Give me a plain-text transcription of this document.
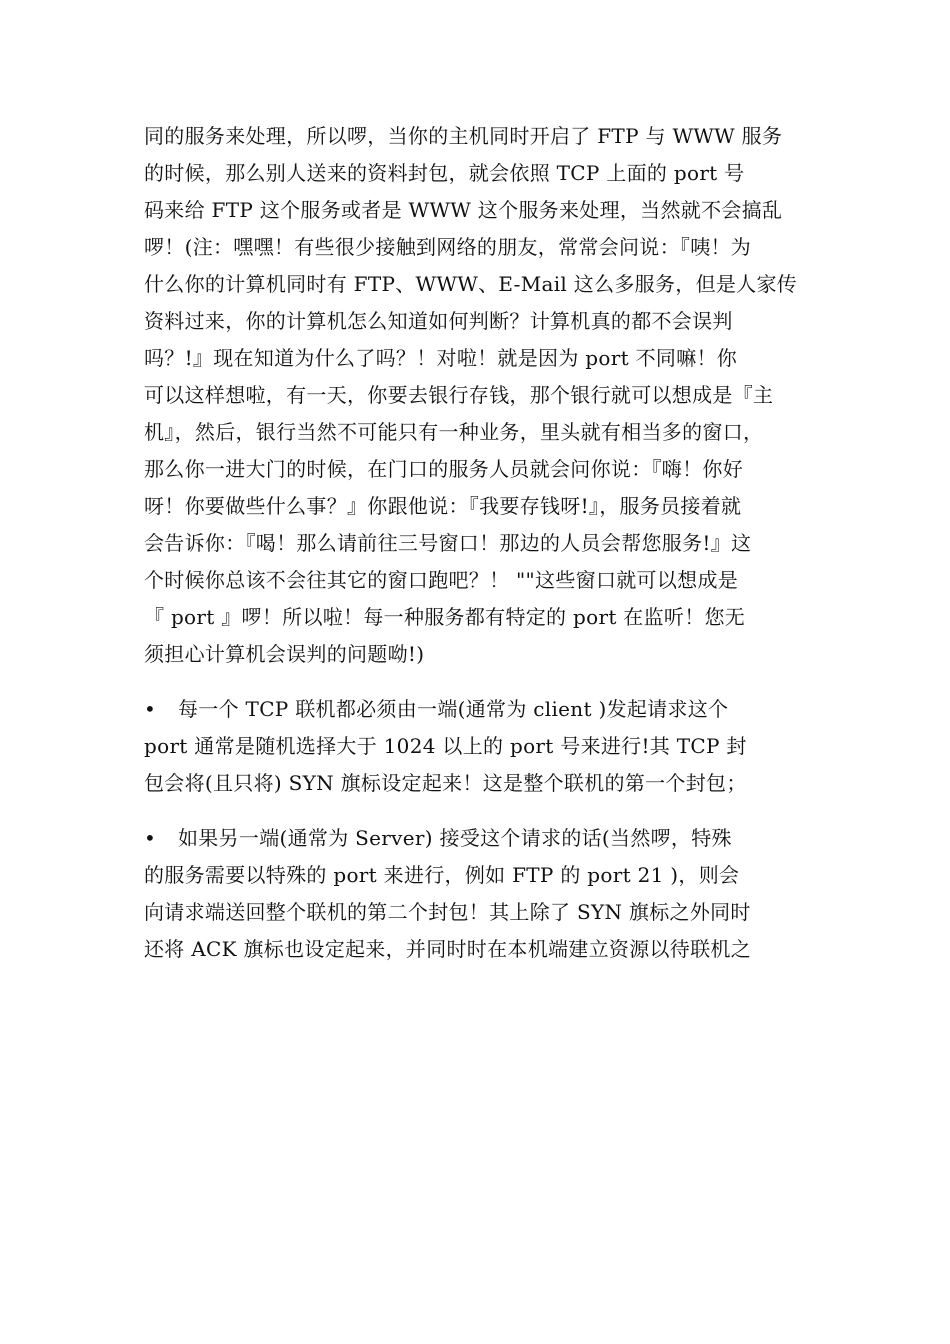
同的服务来处理，所以啰，当你的主机同时开启了 FTP 与 WWW 服务
的时候，那么别人送来的资料封包，就会依照 TCP 上面的 port 号
码来给 FTP 这个服务或者是 WWW 这个服务来处理，当然就不会搞乱
啰！(注：嘿嘿！有些很少接触到网络的朋友，常常会问说：『咦！为
什么你的计算机同时有 FTP、WWW、E-Mail 这么多服务，但是人家传
资料过来，你的计算机怎么知道如何判断？计算机真的都不会误判
吗？!』现在知道为什么了吗？！对啦！就是因为 port 不同嘛！你
可以这样想啦，有一天，你要去银行存钱，那个银行就可以想成是『主
机』，然后，银行当然不可能只有一种业务，里头就有相当多的窗口，
那么你一进大门的时候，在门口的服务人员就会问你说：『嗨！你好
呀！你要做些什么事？』你跟他说：『我要存钱呀!』，服务员接着就
会告诉你：『喝！那么请前往三号窗口！那边的人员会帮您服务!』这
个时候你总该不会往其它的窗口跑吧？！ ""这些窗口就可以想成是
『 port 』啰！所以啦！每一种服务都有特定的 port 在监听！您无
须担心计算机会误判的问题呦!)
• 每一个 TCP 联机都必须由一端(通常为 client )发起请求这个
port 通常是随机选择大于 1024 以上的 port 号来进行!其 TCP 封
包会将(且只将) SYN 旗标设定起来！这是整个联机的第一个封包；
• 如果另一端(通常为 Server) 接受这个请求的话(当然啰，特殊
的服务需要以特殊的 port 来进行，例如 FTP 的 port 21 )，则会
向请求端送回整个联机的第二个封包！其上除了 SYN 旗标之外同时
还将 ACK 旗标也设定起来，并同时时在本机端建立资源以待联机之
